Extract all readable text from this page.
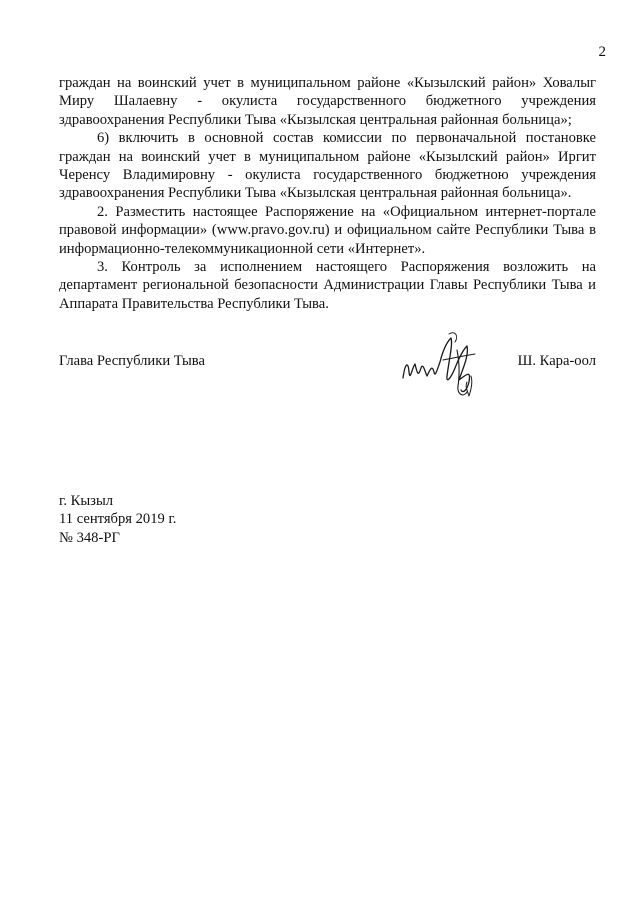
2

граждан на воинский учет в муниципальном районе «Кызылский район» Ховалыг Миру Шалаевну - окулиста государственного бюджетного учреждения здравоохранения Республики Тыва «Кызылская центральная районная больница»;

6) включить в основной состав комиссии по первоначальной постановке граждан на воинский учет в муниципальном районе «Кызылский район» Иргит Черенсу Владимировну - окулиста государственного бюджетною учреждения здравоохранения Республики Тыва «Кызылская центральная районная больница».

2. Разместить настоящее Распоряжение на «Официальном интернет-портале правовой информации» (www.pravo.gov.ru) и официальном сайте Республики Тыва в информационно-телекоммуникационной сети «Интернет».

3. Контроль за исполнением настоящего Распоряжения возложить на департамент региональной безопасности Администрации Главы Республики Тыва и Аппарата Правительства Республики Тыва.

Глава Республики Тыва	Ш. Кара-оол
г. Кызыл
11 сентября 2019 г.
№ 348-РГ
